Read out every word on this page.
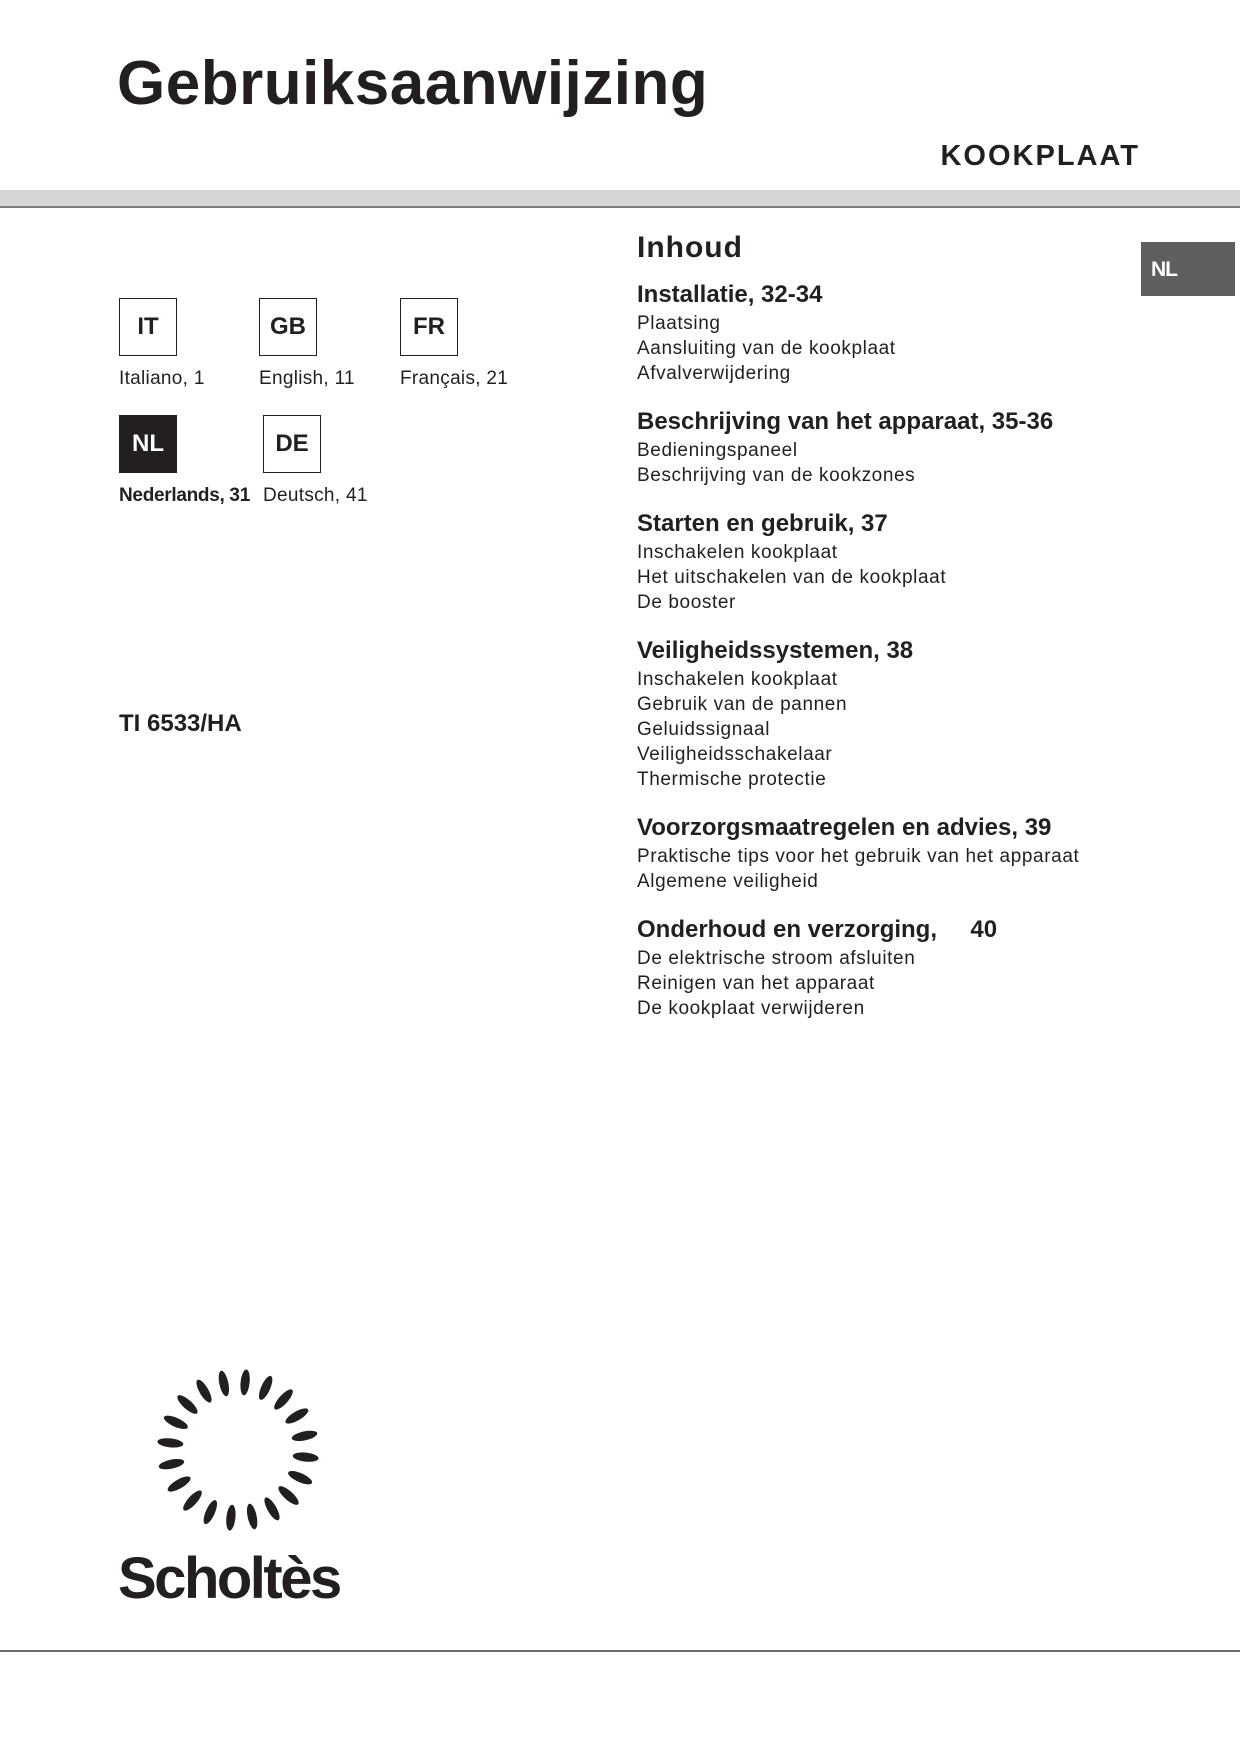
Gebruiksaanwijzing
KOOKPLAAT
NL
IT
Italiano, 1
GB
English, 11
FR
Français, 21
NL
Nederlands, 31
DE
Deutsch, 41
TI 6533/HA
Inhoud
Installatie, 32-34
Plaatsing
Aansluiting van de kookplaat
Afvalverwijdering
Beschrijving van het apparaat, 35-36
Bedieningspaneel
Beschrijving van de kookzones
Starten en gebruik, 37
Inschakelen kookplaat
Het uitschakelen van de kookplaat
De booster
Veiligheidssystemen, 38
Inschakelen kookplaat
Gebruik van de pannen
Geluidssignaal
Veiligheidsschakelaar
Thermische protectie
Voorzorgsmaatregelen en advies, 39
Praktische tips voor het gebruik van het apparaat
Algemene veiligheid
Onderhoud en verzorging,     40
De elektrische stroom afsluiten
Reinigen van het apparaat
De kookplaat verwijderen
Scholtès
